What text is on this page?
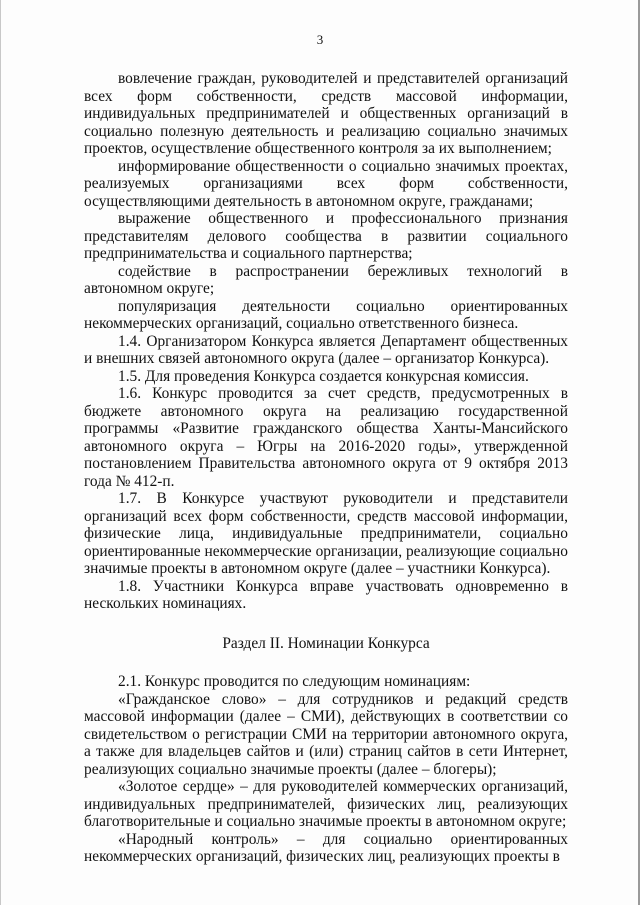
3

вовлечение граждан, руководителей и представителей организаций всех форм собственности, средств массовой информации, индивидуальных предпринимателей и общественных организаций в социально полезную деятельность и реализацию социально значимых проектов, осуществление общественного контроля за их выполнением;

информирование общественности о социально значимых проектах, реализуемых организациями всех форм собственности, осуществляющими деятельность в автономном округе, гражданами;

выражение общественного и профессионального признания представителям делового сообщества в развитии социального предпринимательства и социального партнерства;

содействие в распространении бережливых технологий в автономном округе;

популяризация деятельности социально ориентированных некоммерческих организаций, социально ответственного бизнеса.

1.4. Организатором Конкурса является Департамент общественных и внешних связей автономного округа (далее – организатор Конкурса).

1.5. Для проведения Конкурса создается конкурсная комиссия.

1.6. Конкурс проводится за счет средств, предусмотренных в бюджете автономного округа на реализацию государственной программы «Развитие гражданского общества Ханты-Мансийского автономного округа – Югры на 2016-2020 годы», утвержденной постановлением Правительства автономного округа от 9 октября 2013 года № 412-п.

1.7. В Конкурсе участвуют руководители и представители организаций всех форм собственности, средств массовой информации, физические лица, индивидуальные предприниматели, социально ориентированные некоммерческие организации, реализующие социально значимые проекты в автономном округе (далее – участники Конкурса).

1.8. Участники Конкурса вправе участвовать одновременно в нескольких номинациях.

Раздел II. Номинации Конкурса

2.1. Конкурс проводится по следующим номинациям:

«Гражданское слово» – для сотрудников и редакций средств массовой информации (далее – СМИ), действующих в соответствии со свидетельством о регистрации СМИ на территории автономного округа, а также для владельцев сайтов и (или) страниц сайтов в сети Интернет, реализующих социально значимые проекты (далее – блогеры);

«Золотое сердце» – для руководителей коммерческих организаций, индивидуальных предпринимателей, физических лиц, реализующих благотворительные и социально значимые проекты в автономном округе;

«Народный контроль» – для социально ориентированных некоммерческих организаций, физических лиц, реализующих проекты в
